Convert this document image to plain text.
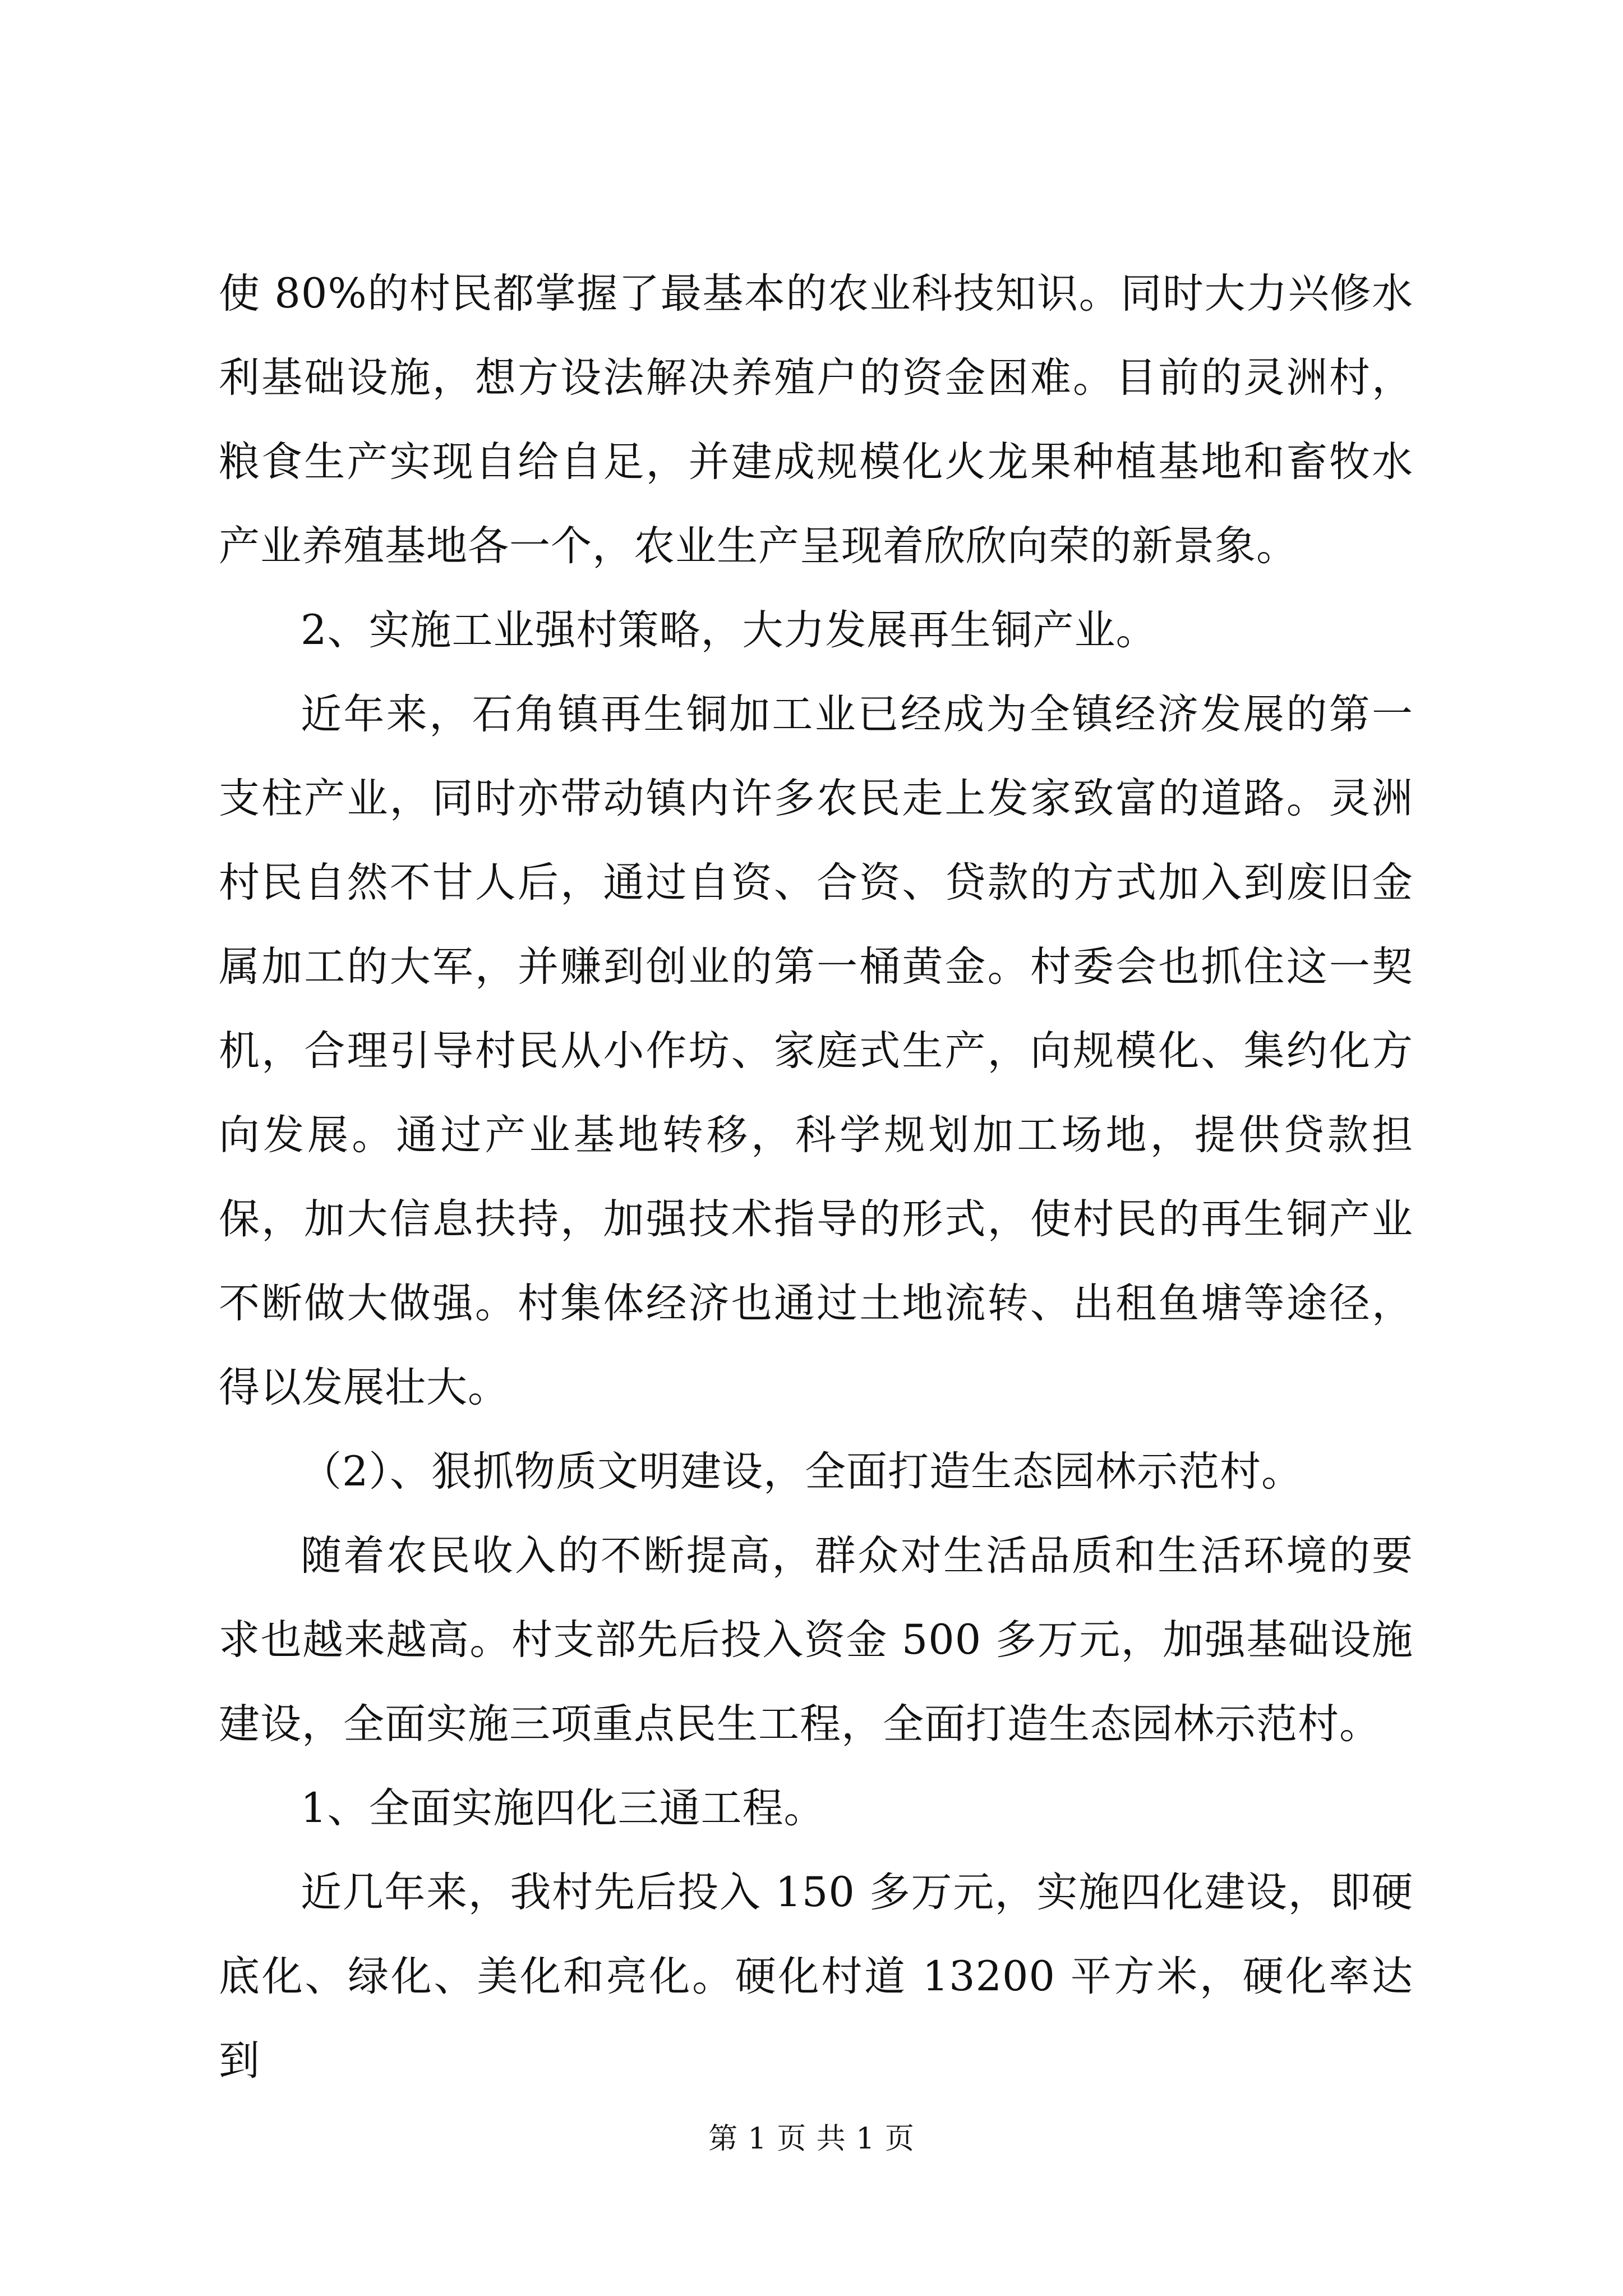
使 80%的村民都掌握了最基本的农业科技知识。同时大力兴修水利基础设施，想方设法解决养殖户的资金困难。目前的灵洲村，粮食生产实现自给自足，并建成规模化火龙果种植基地和畜牧水产业养殖基地各一个，农业生产呈现着欣欣向荣的新景象。

2、实施工业强村策略，大力发展再生铜产业。

近年来，石角镇再生铜加工业已经成为全镇经济发展的第一支柱产业，同时亦带动镇内许多农民走上发家致富的道路。灵洲村民自然不甘人后，通过自资、合资、贷款的方式加入到废旧金属加工的大军，并赚到创业的第一桶黄金。村委会也抓住这一契机，合理引导村民从小作坊、家庭式生产，向规模化、集约化方向发展。通过产业基地转移，科学规划加工场地，提供贷款担保，加大信息扶持，加强技术指导的形式，使村民的再生铜产业不断做大做强。村集体经济也通过土地流转、出租鱼塘等途径，得以发展壮大。

（2）、狠抓物质文明建设，全面打造生态园林示范村。

随着农民收入的不断提高，群众对生活品质和生活环境的要求也越来越高。村支部先后投入资金 500 多万元，加强基础设施建设，全面实施三项重点民生工程，全面打造生态园林示范村。

1、全面实施四化三通工程。

近几年来，我村先后投入 150 多万元，实施四化建设，即硬底化、绿化、美化和亮化。硬化村道 13200 平方米，硬化率达到

第 1 页 共 1 页
